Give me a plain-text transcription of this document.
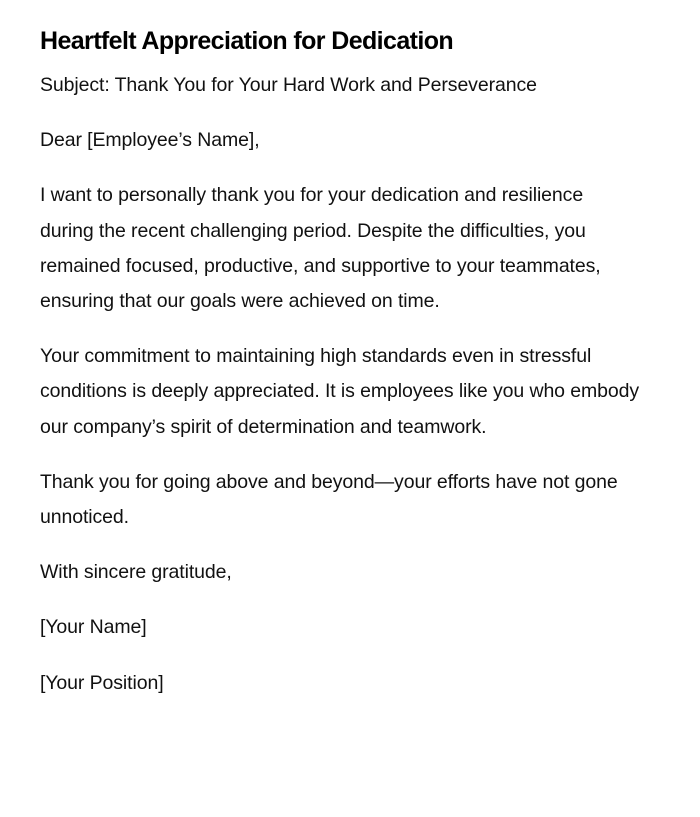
Heartfelt Appreciation for Dedication

Subject: Thank You for Your Hard Work and Perseverance

Dear [Employee’s Name],

I want to personally thank you for your dedication and resilience during the recent challenging period. Despite the difficulties, you remained focused, productive, and supportive to your teammates, ensuring that our goals were achieved on time.

Your commitment to maintaining high standards even in stressful conditions is deeply appreciated. It is employees like you who embody our company’s spirit of determination and teamwork.

Thank you for going above and beyond—your efforts have not gone unnoticed.

With sincere gratitude,

[Your Name]

[Your Position]
